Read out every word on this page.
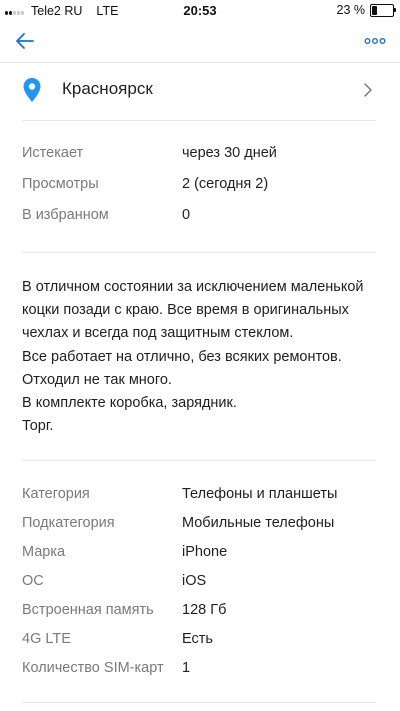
Tele2 RU LTE	20:53	23 %
Красноярск
Истекает	через 30 дней
Просмотры	2 (сегодня 2)
В избранном	0
В отличном состоянии за исключением маленькой
коцки позади с краю. Все время в оригинальных
чехлах и всегда под защитным стеклом.
Все работает на отлично, без всяких ремонтов.
Отходил не так много.
В комплекте коробка, зарядник.
Торг.
Категория	Телефоны и планшеты
Подкатегория	Мобильные телефоны
Марка	iPhone
ОС	iOS
Встроенная память 128 Гб
4G LTE	Есть
Количество SIM-карт 1
